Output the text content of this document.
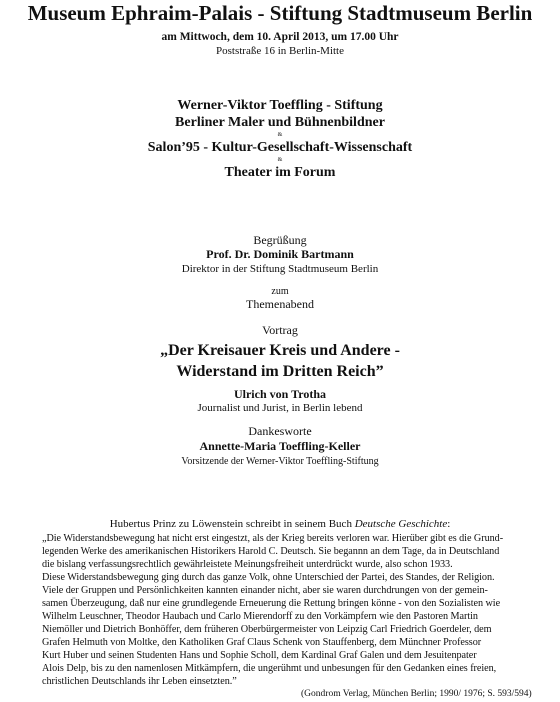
Museum Ephraim-Palais - Stiftung Stadtmuseum Berlin
am Mittwoch, dem 10. April 2013, um 17.00 Uhr
Poststraße 16 in Berlin-Mitte
Werner-Viktor Toeffling - Stiftung
Berliner Maler und Bühnenbildner
&
Salon’95 - Kultur-Gesellschaft-Wissenschaft
&
Theater im Forum
Begrüßung
Prof. Dr. Dominik Bartmann
Direktor in der Stiftung Stadtmuseum Berlin
zum
Themenabend
Vortrag
„Der Kreisauer Kreis und Andere -
Widerstand im Dritten Reich”
Ulrich von Trotha
Journalist und Jurist, in Berlin lebend
Dankesworte
Annette-Maria Toeffling-Keller
Vorsitzende der Werner-Viktor Toeffling-Stiftung
Hubertus Prinz zu Löwenstein schreibt in seinem Buch Deutsche Geschichte:
„Die Widerstandsbewegung hat nicht erst eingestzt, als der Krieg bereits verloren war. Hierüber gibt es die Grund-
legenden Werke des amerikanischen Historikers Harold C. Deutsch. Sie begannn an dem Tage, da in Deutschland
die bislang verfassungsrechtlich gewährleistete Meinungsfreiheit unterdrückt wurde, also schon 1933.
Diese Widerstandsbewegung ging durch das ganze Volk, ohne Unterschied der Partei, des Standes, der Religion.
Viele der Gruppen und Persönlichkeiten kannten einander nicht, aber sie waren durchdrungen von der gemein-
samen Überzeugung, daß nur eine grundlegende Erneuerung die Rettung bringen könne - von den Sozialisten wie
Wilhelm Leuschner, Theodor Haubach und Carlo Mierendorff zu den Vorkämpfern wie den Pastoren Martin
Niemöller und Dietrich Bonhöffer, dem früheren Oberbürgermeister von Leipzig Carl Friedrich Goerdeler, dem
Grafen Helmuth von Moltke, den Katholiken Graf Claus Schenk von Stauffenberg, dem Münchner Professor
Kurt Huber und seinen Studenten Hans und Sophie Scholl, dem Kardinal Graf Galen und dem Jesuitenpater
Alois Delp, bis zu den namenlosen Mitkämpfern, die ungerühmt und unbesungen für den Gedanken eines freien,
christlichen Deutschlands ihr Leben einsetzten.”
(Gondrom Verlag, München Berlin; 1990/ 1976; S. 593/594)
